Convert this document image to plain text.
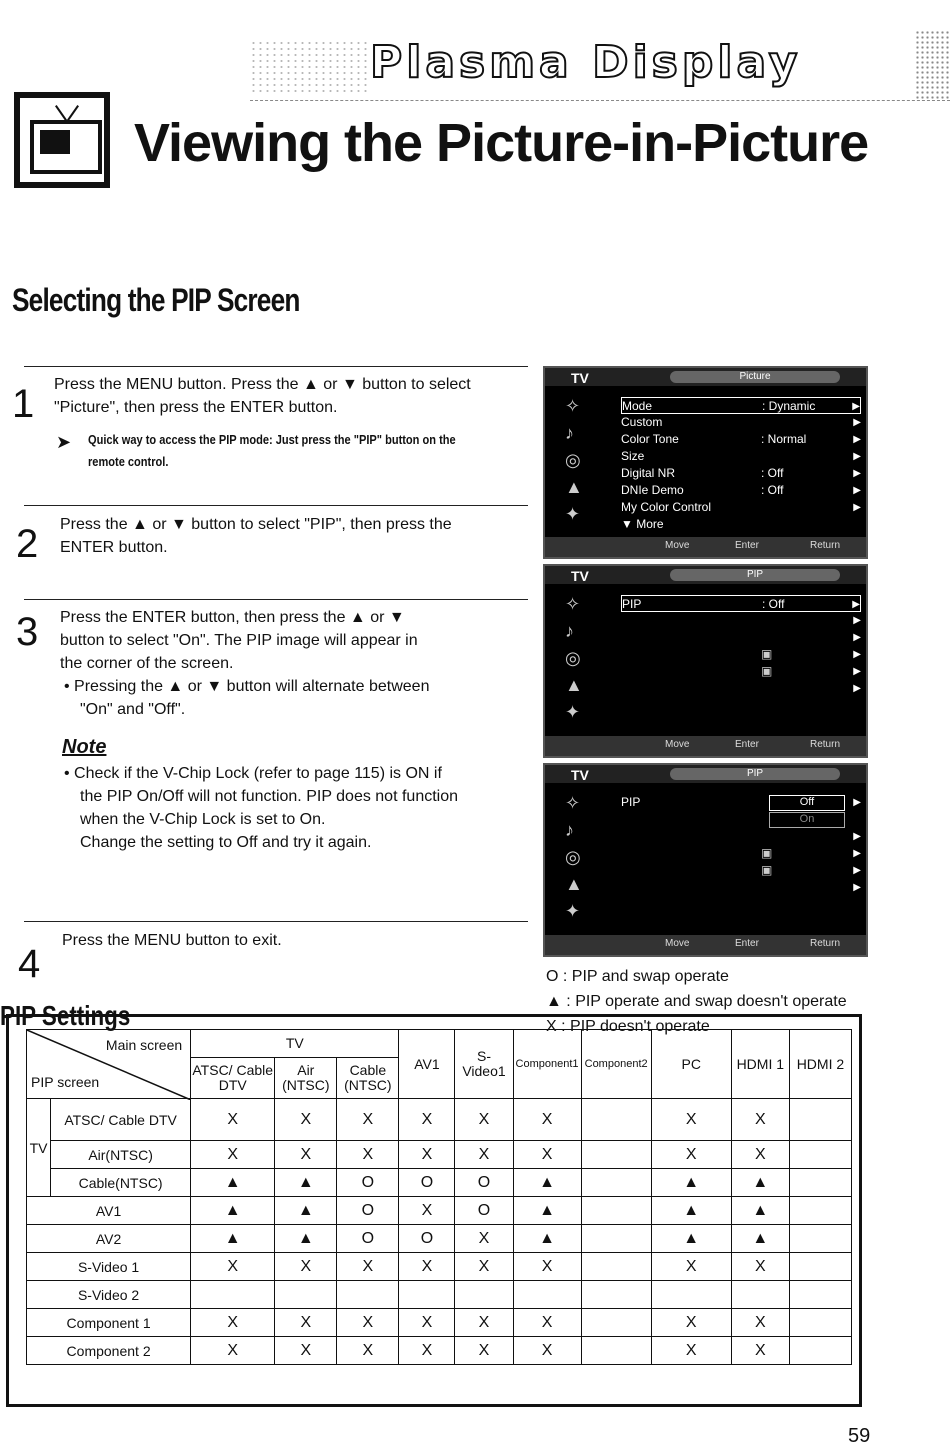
Plasma Display
Viewing the Picture-in-Picture
Selecting the PIP Screen
1 Press the MENU button. Press the ▲ or ▼ button to select
"Picture", then press the ENTER button.
➤ Quick way to access the PIP mode: Just press the "PIP" button on the
remote control.
2 Press the ▲ or ▼ button to select "PIP", then press the
ENTER button.
3 Press the ENTER button, then press the ▲ or ▼
button to select "On". The PIP image will appear in
the corner of the screen.
• Pressing the ▲ or ▼ button will alternate between
"On" and "Off".
Note
• Check if the V-Chip Lock (refer to page 115) is ON if
the PIP On/Off will not function. PIP does not function
when the V-Chip Lock is set to On.
Change the setting to Off and try it again.
4
Press the MENU button to exit.
TV	Picture
✧
♪
◎
▲
✦
Mode	: Dynamic	▶
Custom	▶
Color Tone	: Normal	▶
Size	▶
Digital NR	: Off	▶
DNIe Demo	: Off	▶
My Color Control	▶
▼ More
Move	Enter	Return
TV	PIP
✧
♪
◎
▲
✦
PIP	: Off	▶
▶
▶
▣	▶
▣	▶
▶
Move	Enter	Return
TV	PIP
✧
♪
◎
▲
✦
PIP	▶
Off
On
▶
▣	▶
▣	▶
▶
Move	Enter	Return
O : PIP and swap operate
▲ : PIP operate and swap doesn't operate
X : PIP doesn't operate
PIP Settings
Main screen
PIP screen		TV			AV1	S-Video1	Component1	Component2	PC	HDMI 1	HDMI 2
		ATSC/ Cable DTV	Air (NTSC)	Cable (NTSC)							
TV	ATSC/ Cable DTV	X	X	X	X	X	X		X	X	
	Air(NTSC)	X	X	X	X	X	X		X	X	
	Cable(NTSC)	▲	▲	O	O	O	▲		▲	▲	
AV1		▲	▲	O	X	O	▲		▲	▲	
AV2		▲	▲	O	O	X	▲		▲	▲	
S-Video 1		X	X	X	X	X	X		X	X	
S-Video 2											
Component 1		X	X	X	X	X	X		X	X	
Component 2		X	X	X	X	X	X		X	X	
59
